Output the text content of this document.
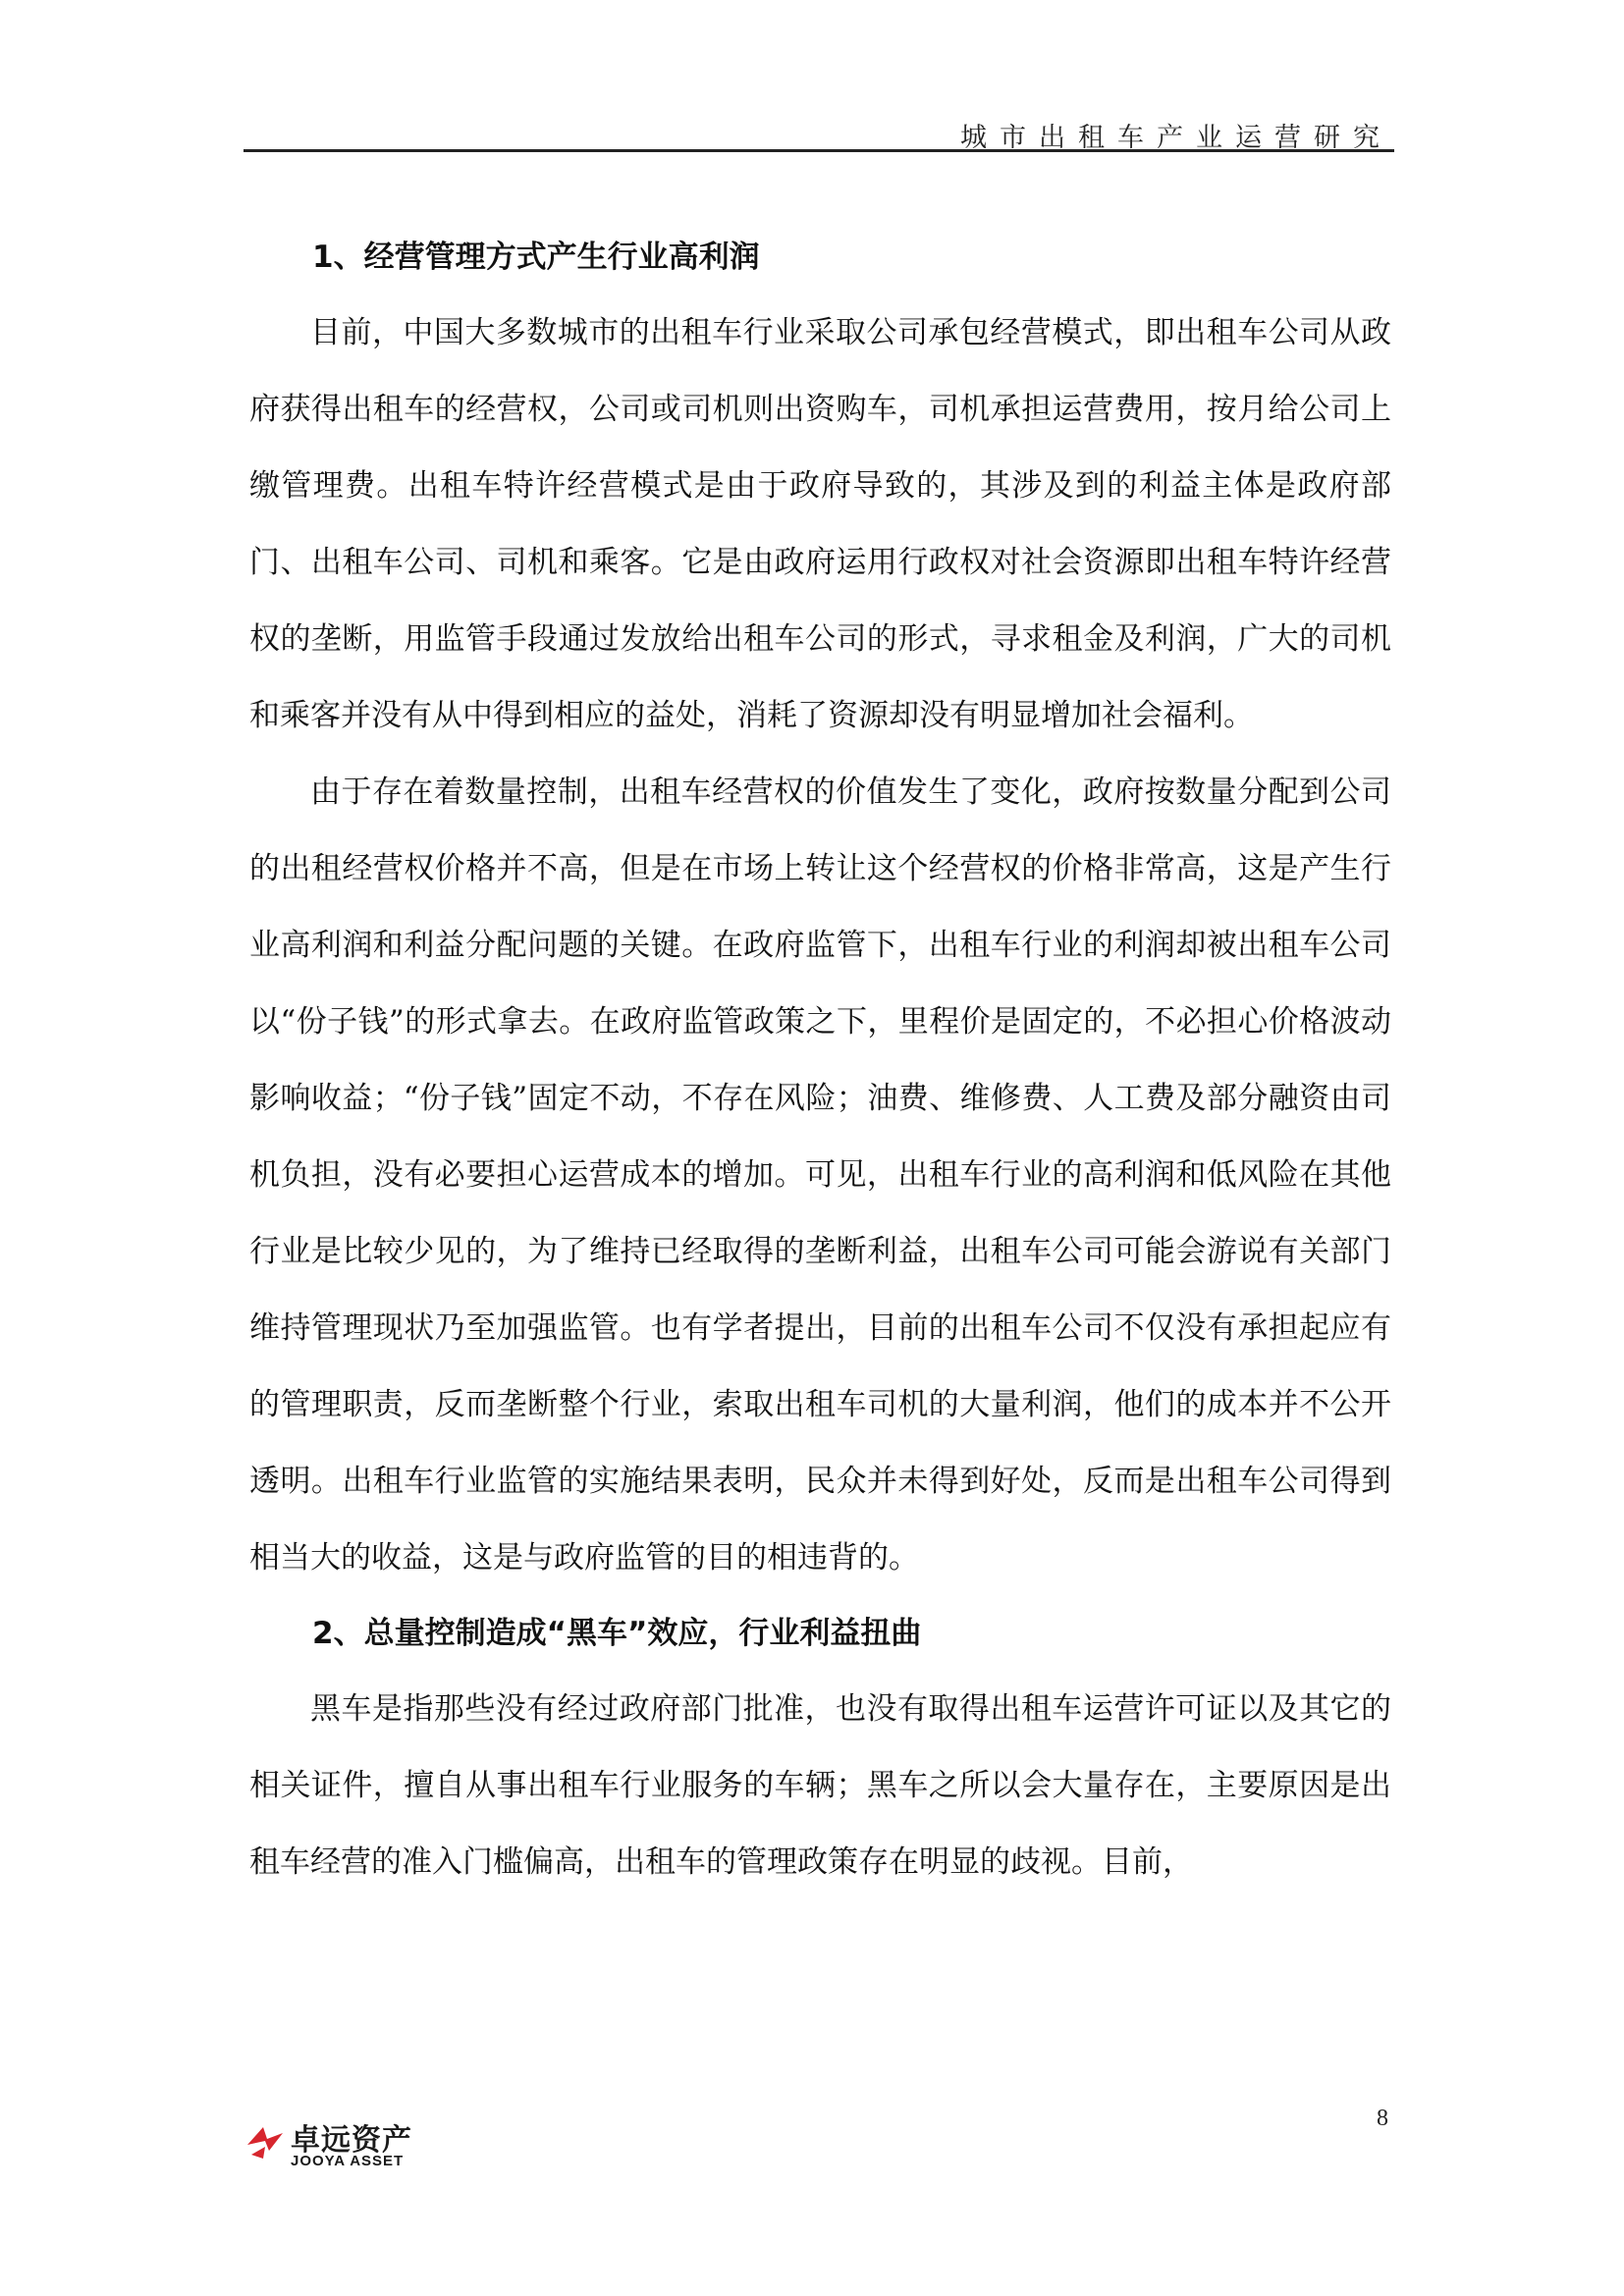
城市出租车产业运营研究
1、经营管理方式产生行业高利润

目前，中国大多数城市的出租车行业采取公司承包经营模式，即出租车公司从政府获得出租车的经营权，公司或司机则出资购车，司机承担运营费用，按月给公司上缴管理费。出租车特许经营模式是由于政府导致的，其涉及到的利益主体是政府部门、出租车公司、司机和乘客。它是由政府运用行政权对社会资源即出租车特许经营权的垄断，用监管手段通过发放给出租车公司的形式，寻求租金及利润，广大的司机和乘客并没有从中得到相应的益处，消耗了资源却没有明显增加社会福利。

由于存在着数量控制，出租车经营权的价值发生了变化，政府按数量分配到公司的出租经营权价格并不高，但是在市场上转让这个经营权的价格非常高，这是产生行业高利润和利益分配问题的关键。在政府监管下，出租车行业的利润却被出租车公司以“份子钱”的形式拿去。在政府监管政策之下，里程价是固定的，不必担心价格波动影响收益；“份子钱”固定不动，不存在风险；油费、维修费、人工费及部分融资由司机负担，没有必要担心运营成本的增加。可见，出租车行业的高利润和低风险在其他行业是比较少见的，为了维持已经取得的垄断利益，出租车公司可能会游说有关部门维持管理现状乃至加强监管。也有学者提出，目前的出租车公司不仅没有承担起应有的管理职责，反而垄断整个行业，索取出租车司机的大量利润，他们的成本并不公开透明。出租车行业监管的实施结果表明，民众并未得到好处，反而是出租车公司得到相当大的收益，这是与政府监管的目的相违背的。

2、总量控制造成“黑车”效应，行业利益扭曲

黑车是指那些没有经过政府部门批准，也没有取得出租车运营许可证以及其它的相关证件，擅自从事出租车行业服务的车辆；黑车之所以会大量存在，主要原因是出租车经营的准入门槛偏高，出租车的管理政策存在明显的歧视。目前，

8
卓远资产
JOOYA ASSET
